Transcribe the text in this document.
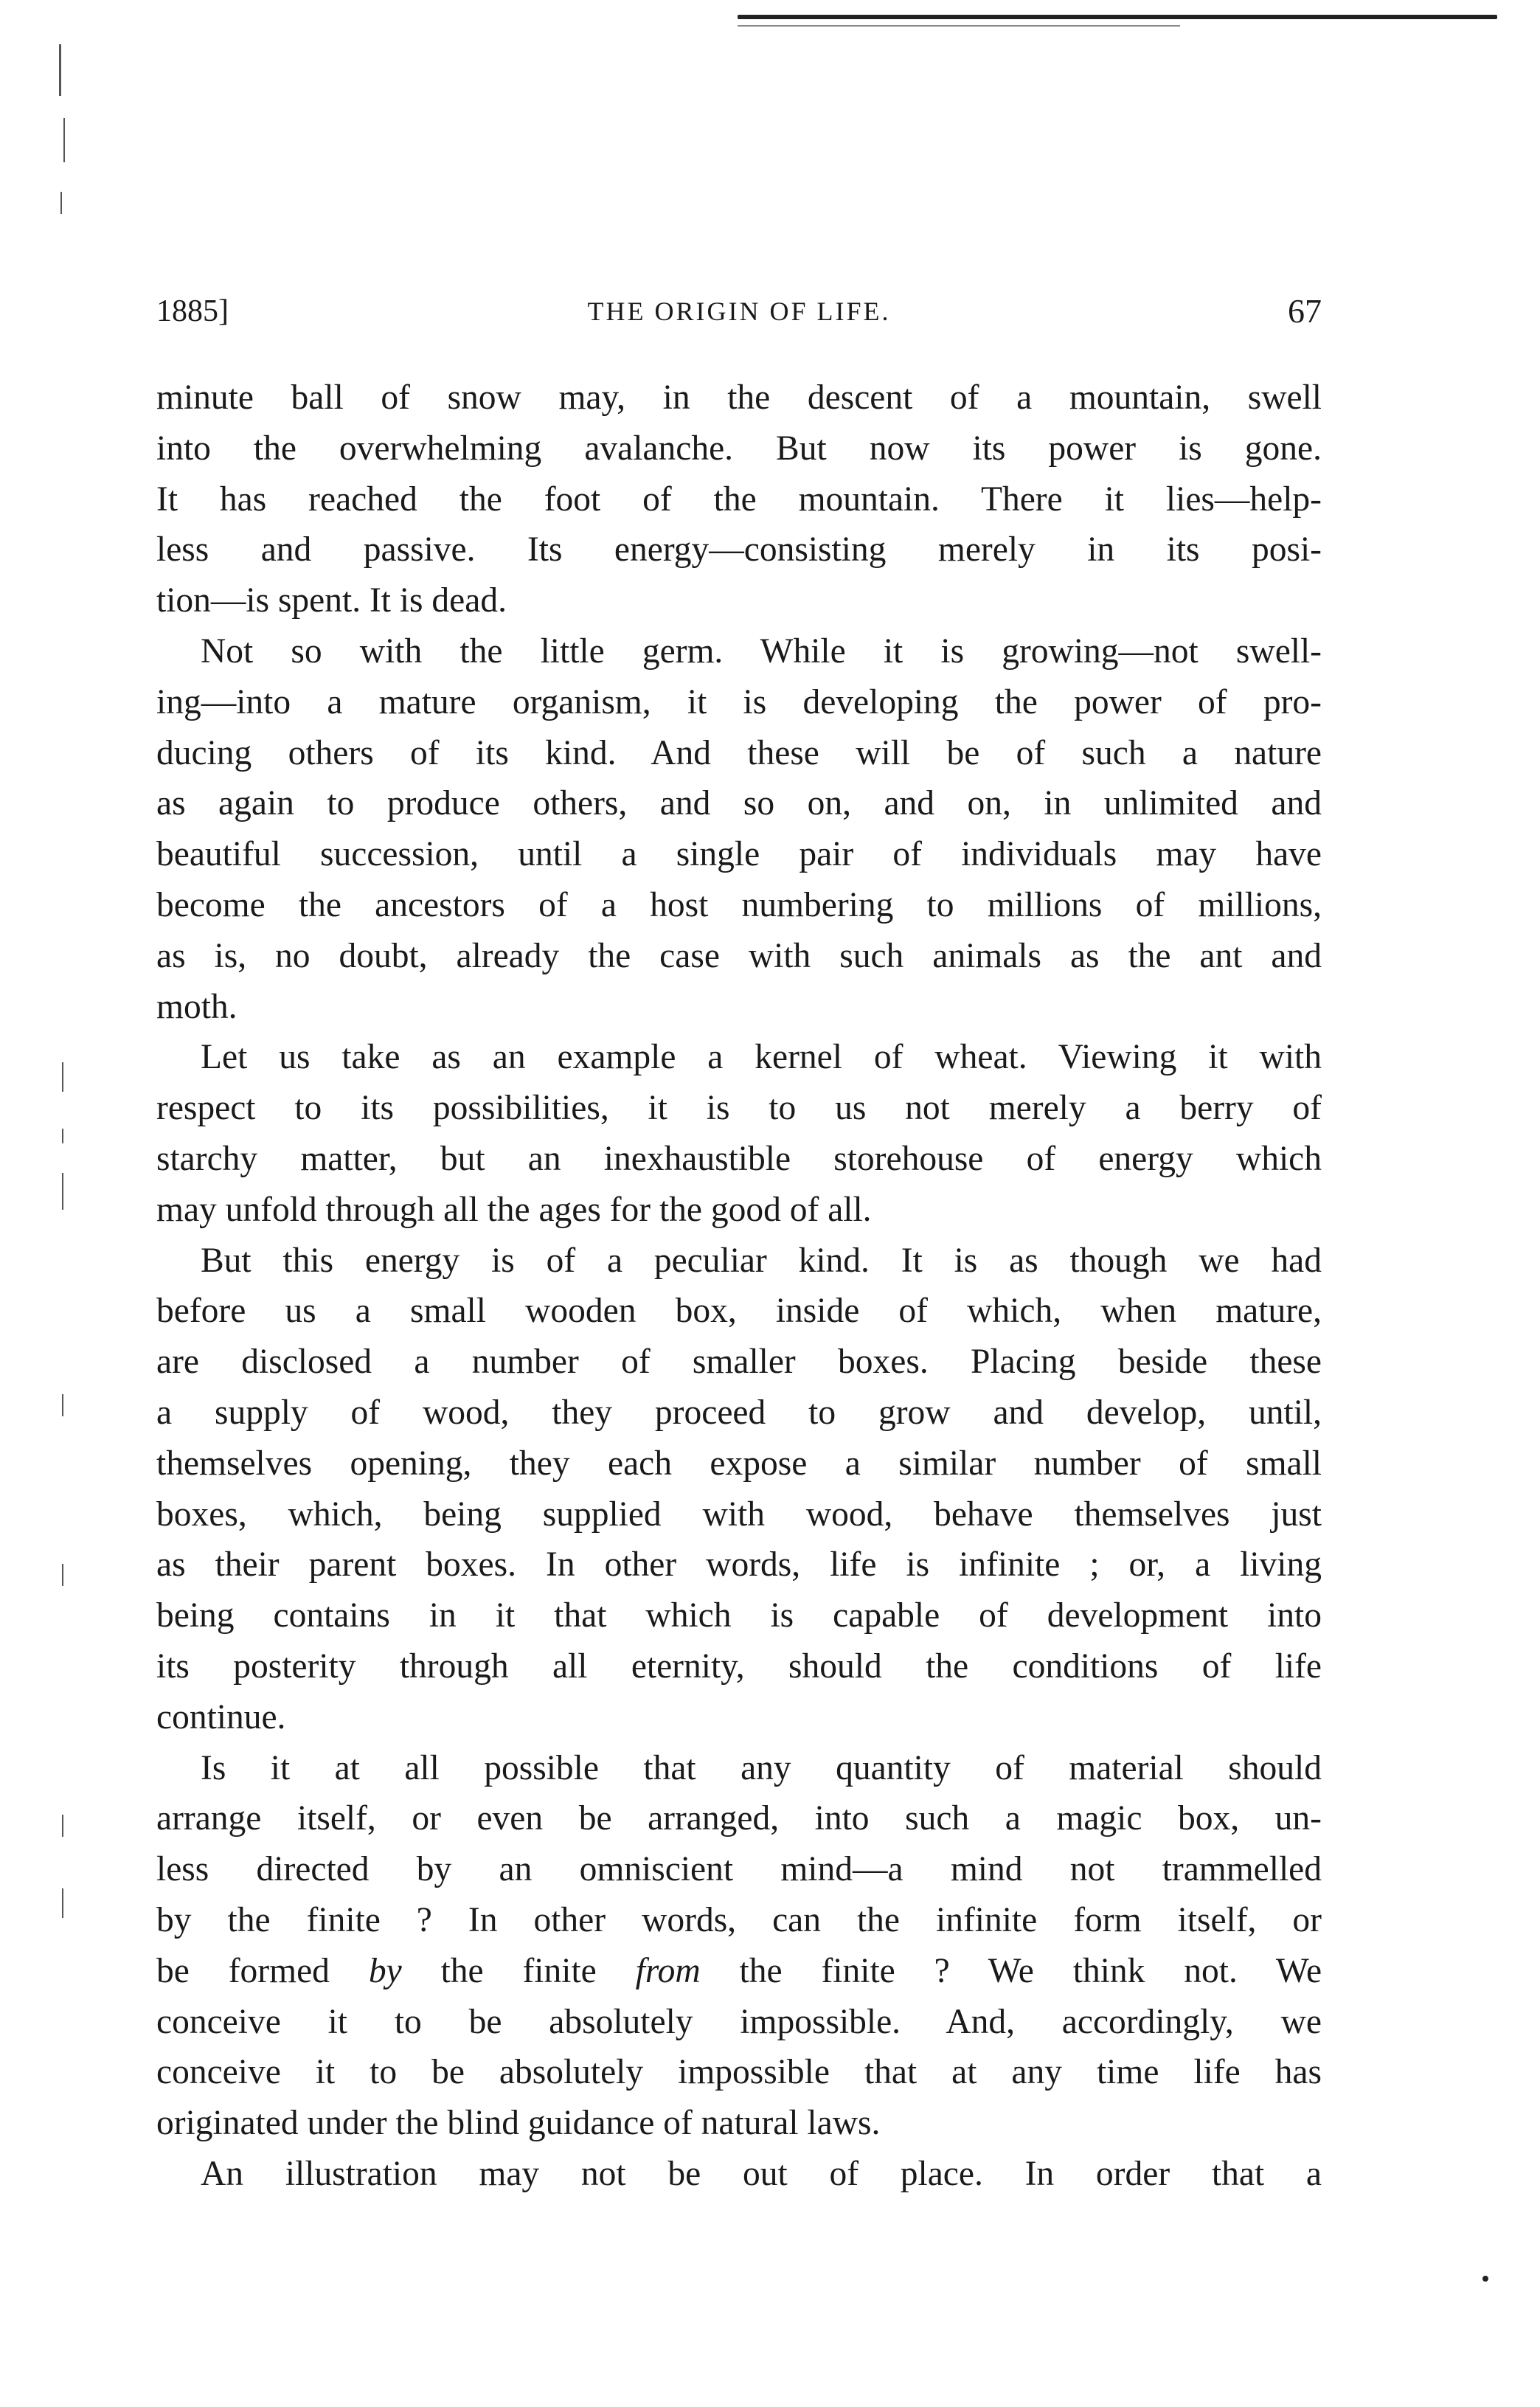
1885]	THE ORIGIN OF LIFE.	67
minute ball of snow may, in the descent of a mountain, swell
into the overwhelming avalanche. But now its power is gone.
It has reached the foot of the mountain. There it lies—help-
less and passive. Its energy—consisting merely in its posi-
tion—is spent. It is dead.
Not so with the little germ. While it is growing—not swell-
ing—into a mature organism, it is developing the power of pro-
ducing others of its kind. And these will be of such a nature
as again to produce others, and so on, and on, in unlimited and
beautiful succession, until a single pair of individuals may have
become the ancestors of a host numbering to millions of millions,
as is, no doubt, already the case with such animals as the ant and
moth.
Let us take as an example a kernel of wheat. Viewing it with
respect to its possibilities, it is to us not merely a berry of
starchy matter, but an inexhaustible storehouse of energy which
may unfold through all the ages for the good of all.
But this energy is of a peculiar kind. It is as though we had
before us a small wooden box, inside of which, when mature,
are disclosed a number of smaller boxes. Placing beside these
a supply of wood, they proceed to grow and develop, until,
themselves opening, they each expose a similar number of small
boxes, which, being supplied with wood, behave themselves just
as their parent boxes. In other words, life is infinite ; or, a living
being contains in it that which is capable of development into
its posterity through all eternity, should the conditions of life
continue.
Is it at all possible that any quantity of material should
arrange itself, or even be arranged, into such a magic box, un-
less directed by an omniscient mind—a mind not trammelled
by the finite ? In other words, can the infinite form itself, or
be formed by the finite from the finite ? We think not. We
conceive it to be absolutely impossible. And, accordingly, we
conceive it to be absolutely impossible that at any time life has
originated under the blind guidance of natural laws.
An illustration may not be out of place. In order that a
